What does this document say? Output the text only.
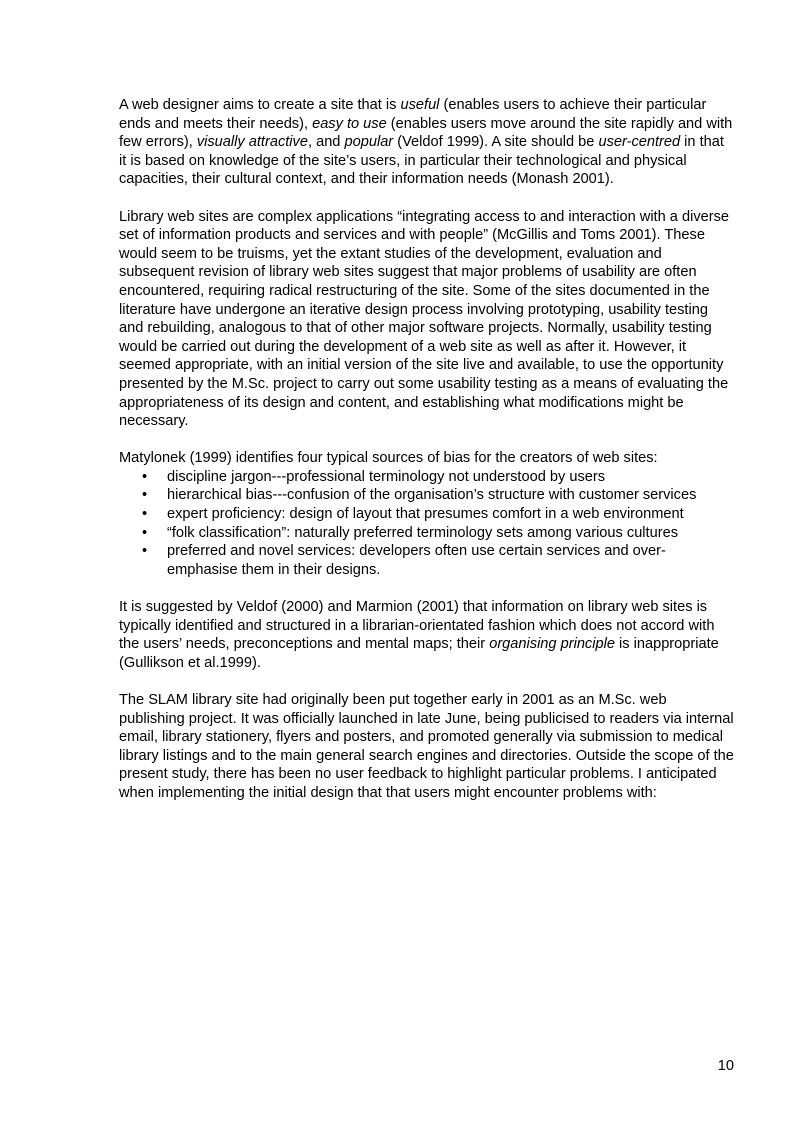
A web designer aims to create a site that is useful (enables users to achieve their particular ends and meets their needs), easy to use (enables users move around the site rapidly and with few errors), visually attractive, and popular (Veldof 1999). A site should be user-centred in that it is based on knowledge of the site’s users, in particular their technological and physical capacities, their cultural context, and their information needs (Monash 2001).

Library web sites are complex applications “integrating access to and interaction with a diverse set of information products and services and with people” (McGillis and Toms 2001). These would seem to be truisms, yet the extant studies of the development, evaluation and subsequent revision of library web sites suggest that major problems of usability are often encountered, requiring radical restructuring of the site. Some of the sites documented in the literature have undergone an iterative design process involving prototyping, usability testing and rebuilding, analogous to that of other major software projects. Normally, usability testing would be carried out during the development of a web site as well as after it. However, it seemed appropriate, with an initial version of the site live and available, to use the opportunity presented by the M.Sc. project to carry out some usability testing as a means of evaluating the appropriateness of its design and content, and establishing what modifications might be necessary.

Matylonek (1999) identifies four typical sources of bias for the creators of web sites:

• discipline jargon---professional terminology not understood by users
• hierarchical bias---confusion of the organisation’s structure with customer services
• expert proficiency: design of layout that presumes comfort in a web environment
• “folk classification”: naturally preferred terminology sets among various cultures
• preferred and novel services: developers often use certain services and over-emphasise them in their designs.

It is suggested by Veldof (2000) and Marmion (2001) that information on library web sites is typically identified and structured in a librarian-orientated fashion which does not accord with the users’ needs, preconceptions and mental maps; their organising principle is inappropriate (Gullikson et al.1999).

The SLAM library site had originally been put together early in 2001 as an M.Sc. web publishing project. It was officially launched in late June, being publicised to readers via internal email, library stationery, flyers and posters, and promoted generally via submission to medical library listings and to the main general search engines and directories. Outside the scope of the present study, there has been no user feedback to highlight particular problems. I anticipated when implementing the initial design that that users might encounter problems with:

10
